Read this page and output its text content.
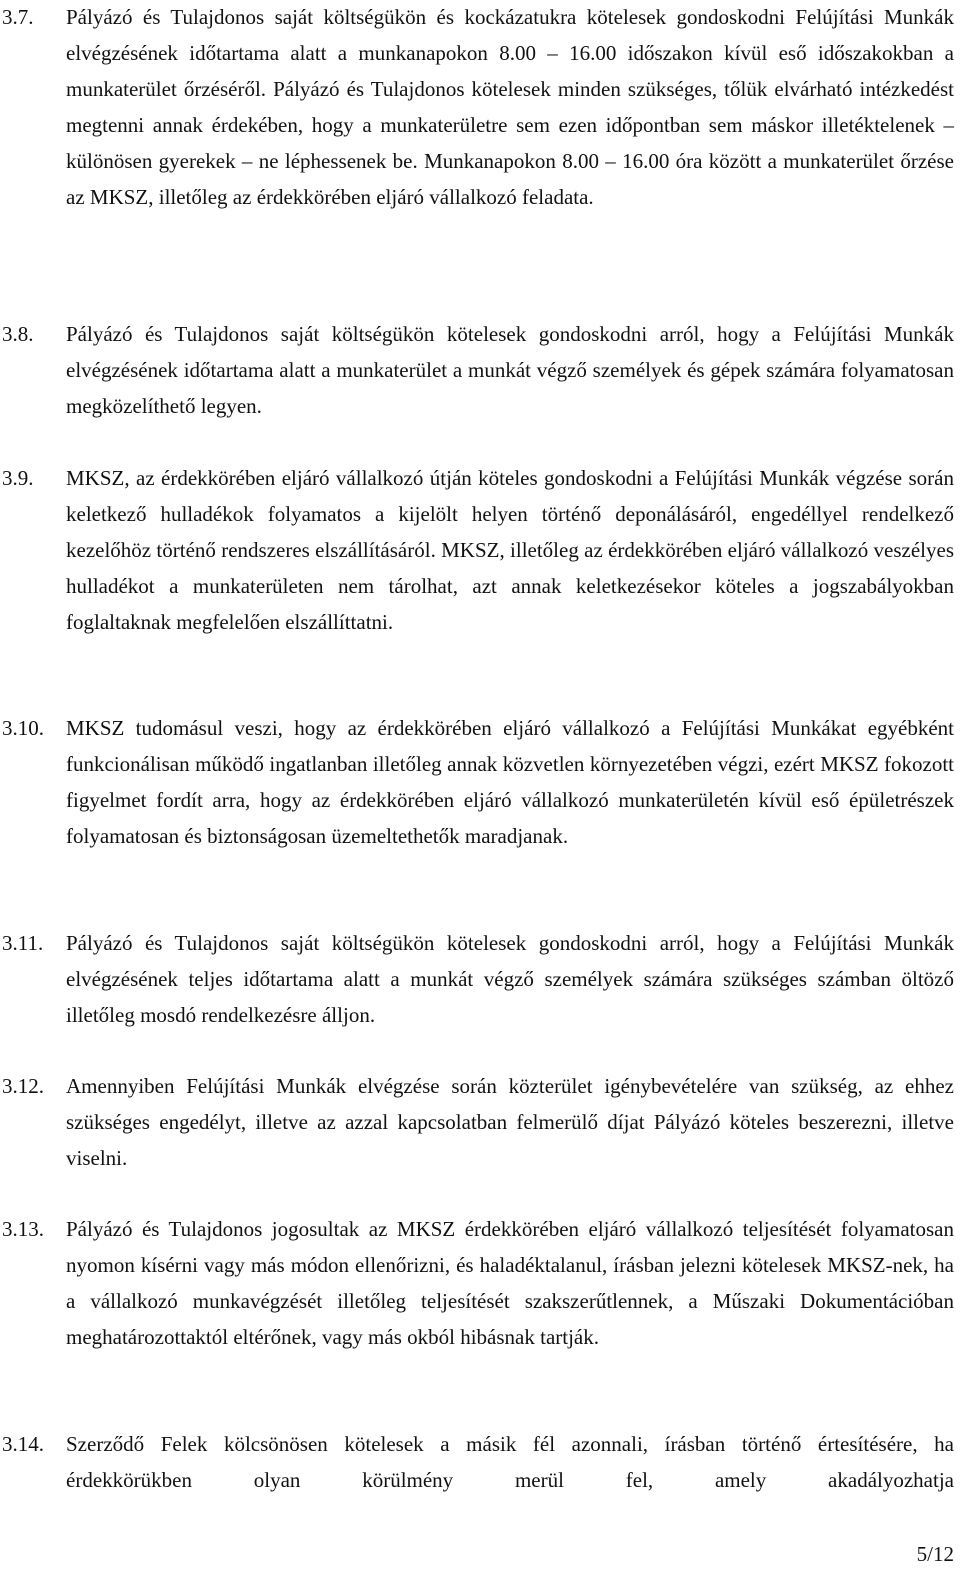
3.7.	Pályázó és Tulajdonos saját költségükön és kockázatukra kötelesek gondoskodni Felújítási Munkák elvégzésének időtartama alatt a munkanapokon 8.00 – 16.00 időszakon kívül eső időszakokban a munkaterület őrzéséről. Pályázó és Tulajdonos kötelesek minden szükséges, tőlük elvárható intézkedést megtenni annak érdekében, hogy a munkaterületre sem ezen időpontban sem máskor illetéktelenek – különösen gyerekek – ne léphessenek be. Munkanapokon 8.00 – 16.00 óra között a munkaterület őrzése az MKSZ, illetőleg az érdekkörében eljáró vállalkozó feladata.
3.8.	Pályázó és Tulajdonos saját költségükön kötelesek gondoskodni arról, hogy a Felújítási Munkák elvégzésének időtartama alatt a munkaterület a munkát végző személyek és gépek számára folyamatosan megközelíthető legyen.
3.9.	MKSZ, az érdekkörében eljáró vállalkozó útján köteles gondoskodni a Felújítási Munkák végzése során keletkező hulladékok folyamatos a kijelölt helyen történő deponálásáról, engedéllyel rendelkező kezelőhöz történő rendszeres elszállításáról. MKSZ, illetőleg az érdekkörében eljáró vállalkozó veszélyes hulladékot a munkaterületen nem tárolhat, azt annak keletkezésekor köteles a jogszabályokban foglaltaknak megfelelően elszállíttatni.
3.10.	MKSZ tudomásul veszi, hogy az érdekkörében eljáró vállalkozó a Felújítási Munkákat egyébként funkcionálisan működő ingatlanban illetőleg annak közvetlen környezetében végzi, ezért MKSZ fokozott figyelmet fordít arra, hogy az érdekkörében eljáró vállalkozó munkaterületén kívül eső épületrészek folyamatosan és biztonságosan üzemeltethetők maradjanak.
3.11.	Pályázó és Tulajdonos saját költségükön kötelesek gondoskodni arról, hogy a Felújítási Munkák elvégzésének teljes időtartama alatt a munkát végző személyek számára szükséges számban öltöző illetőleg mosdó rendelkezésre álljon.
3.12.	Amennyiben Felújítási Munkák elvégzése során közterület igénybevételére van szükség, az ehhez szükséges engedélyt, illetve az azzal kapcsolatban felmerülő díjat Pályázó köteles beszerezni, illetve viselni.
3.13.	Pályázó és Tulajdonos jogosultak az MKSZ érdekkörében eljáró vállalkozó teljesítését folyamatosan nyomon kísérni vagy más módon ellenőrizni, és haladéktalanul, írásban jelezni kötelesek MKSZ-nek, ha a vállalkozó munkavégzését illetőleg teljesítését szakszerűtlennek, a Műszaki Dokumentációban meghatározottaktól eltérőnek, vagy más okból hibásnak tartják.
3.14.	Szerződő Felek kölcsönösen kötelesek a másik fél azonnali, írásban történő értesítésére, ha érdekkörükben olyan körülmény merül fel, amely akadályozhatja
5/12
